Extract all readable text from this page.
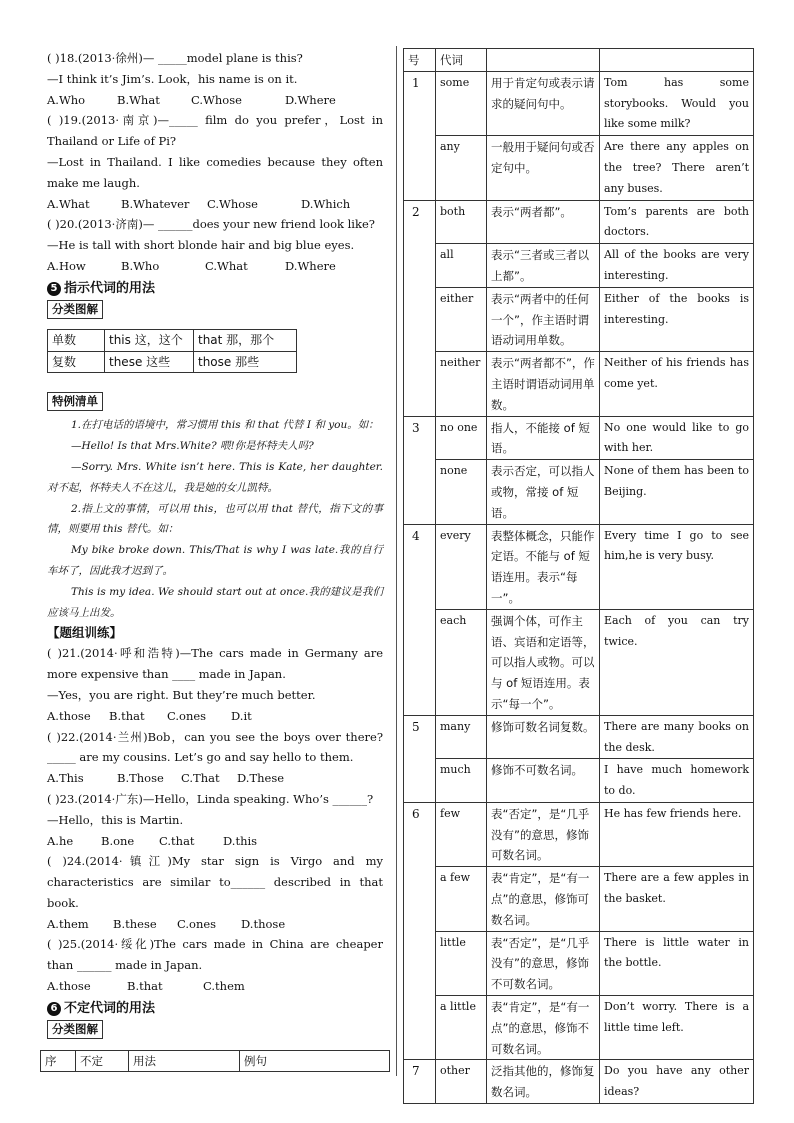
( )18.(2013·徐州)— _____model plane is this?

—I think it’s Jim’s. Look，his name is on it.

A.Who	B.What	C.Whose	D.Where

( )19.(2013·南京)—_____ film do you prefer，Lost in Thailand or Life of Pi?

—Lost in Thailand. I like comedies because they often make me laugh.

A.What	B.Whatever	C.Whose	D.Which

( )20.(2013·济南)— ______does your new friend look like?

—He is tall with short blonde hair and big blue eyes.

A.How	B.Who	C.What	D.Where

5 指示代词的用法
分类图解
单数	this 这，这个	that 那，那个
复数	these 这些	those 那些
特例清单

1.在打电话的语境中，常习惯用 this 和 that 代替 I 和 you。如：

—Hello! Is that Mrs.White? 喂!你是怀特夫人吗?

—Sorry. Mrs. White isn’t here. This is Kate, her daughter.对不起，怀特夫人不在这儿，我是她的女儿凯特。

2.指上文的事情，可以用 this，也可以用 that 替代，指下文的事情，则要用 this 替代。如：

My bike broke down. This/That is why I was late.我的自行车坏了，因此我才迟到了。

This is my idea. We should start out at once.我的建议是我们应该马上出发。

【题组训练】

( )21.(2014·呼和浩特)—The cars made in Germany are more expensive than ____ made in Japan.

—Yes，you are right. But they’re much better.

A.those	B.that	C.ones	D.it

( )22.(2014·兰州)Bob，can you see the boys over there?_____ are my cousins. Let’s go and say hello to them.

A.This	B.Those	C.That	D.These

( )23.(2014·广东)—Hello，Linda speaking. Who’s ______?

—Hello，this is Martin.

A.he	B.one	C.that	D.this

( )24.(2014·镇江)My star sign is Virgo and my characteristics are similar to______ described in that book.

A.them	B.these	C.ones	D.those

( )25.(2014·绥化)The cars made in China are cheaper than ______ made in Japan.

A.those	B.that	C.them

6 不定代词的用法
分类图解
序	不定	用法	例句
号	代词		
1	some	用于肯定句或表示请求的疑问句中。	Tom has some storybooks. Would you like some milk?
	any	一般用于疑问句或否定句中。	Are there any apples on the tree? There aren’t any buses.
2	both	表示“两者都”。	Tom’s parents are both doctors.
	all	表示“三者或三者以上都”。	All of the books are very interesting.
	either	表示“两者中的任何一个”，作主语时谓语动词用单数。	Either of the books is interesting.
	neither	表示“两者都不”，作主语时谓语动词用单数。	Neither of his friends has come yet.
3	no one	指人，不能接 of 短语。	No one would like to go with her.
	none	表示否定，可以指人或物，常接 of 短语。	None of them has been to Beijing.
4	every	表整体概念，只能作定语。不能与 of 短语连用。表示“每一”。	Every time I go to see him,he is very busy.
	each	强调个体，可作主语、宾语和定语等，可以指人或物。可以与 of 短语连用。表示“每一个”。	Each of you can try twice.
5	many	修饰可数名词复数。	There are many books on the desk.
	much	修饰不可数名词。	I have much homework to do.
6	few	表“否定”，是“几乎没有”的意思，修饰可数名词。	He has few friends here.
	a few	表“肯定”，是“有一点”的意思，修饰可数名词。	There are a few apples in the basket.
	little	表“否定”，是“几乎没有”的意思，修饰不可数名词。	There is little water in the bottle.
	a little	表“肯定”，是“有一点”的意思，修饰不可数名词。	Don’t worry. There is a little time left.
7	other	泛指其他的，修饰复数名词。	Do you have any other ideas?
